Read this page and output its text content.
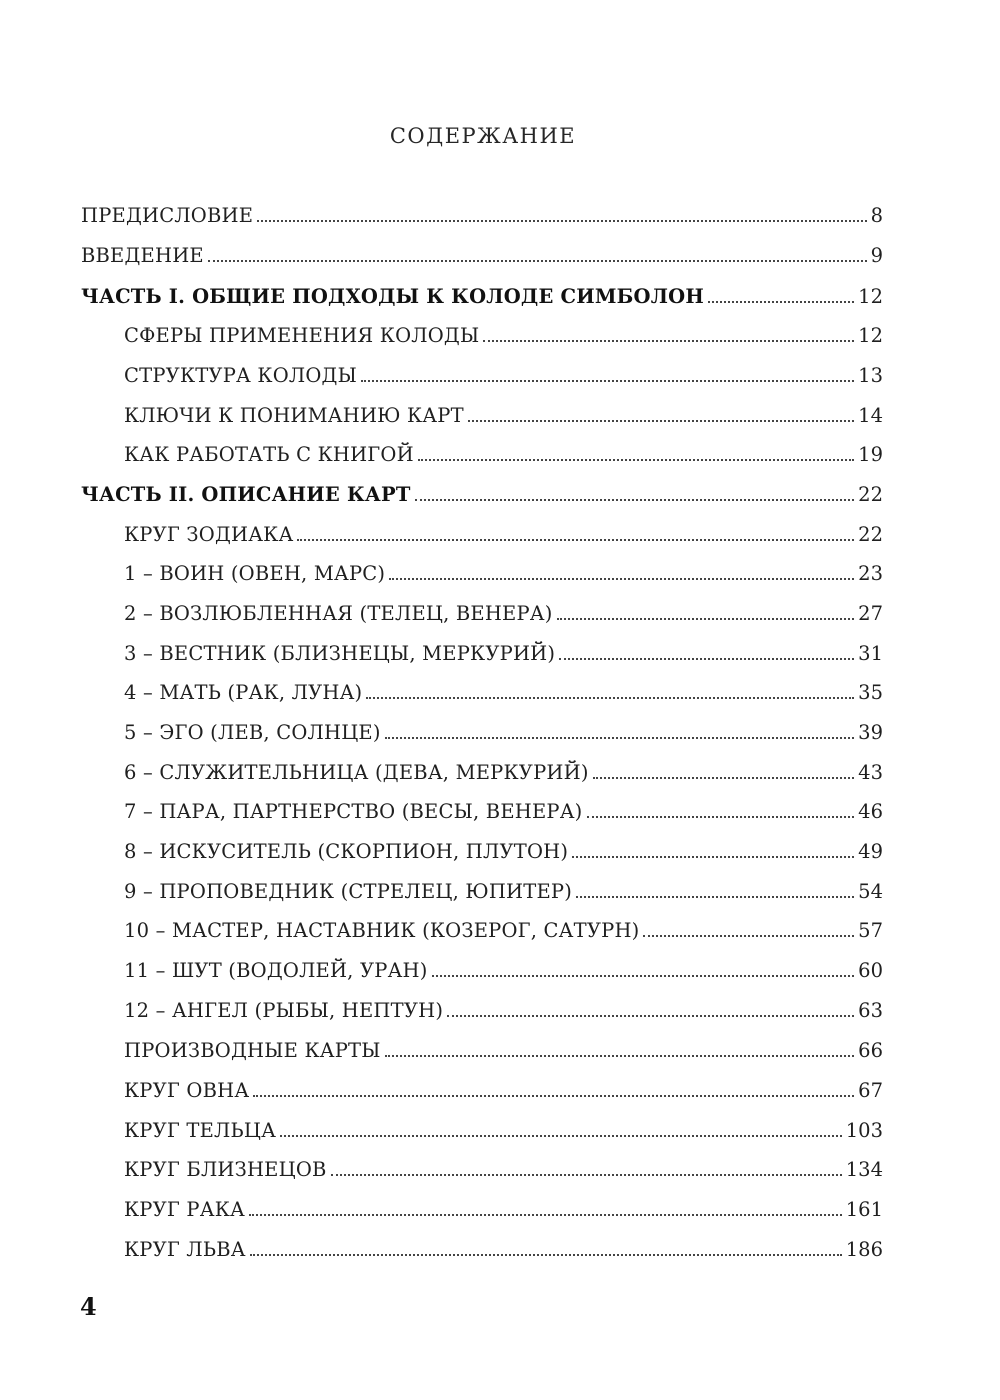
СОДЕРЖАНИЕ
ПРЕДИСЛОВИЕ	8
ВВЕДЕНИЕ	9
ЧАСТЬ I. ОБЩИЕ ПОДХОДЫ К КОЛОДЕ СИМБОЛОН	12
СФЕРЫ ПРИМЕНЕНИЯ КОЛОДЫ	12
СТРУКТУРА КОЛОДЫ	13
КЛЮЧИ К ПОНИМАНИЮ КАРТ	14
КАК РАБОТАТЬ С КНИГОЙ	19
ЧАСТЬ II. ОПИСАНИЕ КАРТ	22
КРУГ ЗОДИАКА	22
1 – ВОИН (ОВЕН, МАРС)	23
2 – ВОЗЛЮБЛЕННАЯ (ТЕЛЕЦ, ВЕНЕРА)	27
3 – ВЕСТНИК (БЛИЗНЕЦЫ, МЕРКУРИЙ)	31
4 – МАТЬ (РАК, ЛУНА)	35
5 – ЭГО (ЛЕВ, СОЛНЦЕ)	39
6 – СЛУЖИТЕЛЬНИЦА (ДЕВА, МЕРКУРИЙ)	43
7 – ПАРА, ПАРТНЕРСТВО (ВЕСЫ, ВЕНЕРА)	46
8 – ИСКУСИТЕЛЬ (СКОРПИОН, ПЛУТОН)	49
9 – ПРОПОВЕДНИК (СТРЕЛЕЦ, ЮПИТЕР)	54
10 – МАСТЕР, НАСТАВНИК (КОЗЕРОГ, САТУРН)	57
11 – ШУТ (ВОДОЛЕЙ, УРАН)	60
12 – АНГЕЛ (РЫБЫ, НЕПТУН)	63
ПРОИЗВОДНЫЕ КАРТЫ	66
КРУГ ОВНА	67
КРУГ ТЕЛЬЦА	103
КРУГ БЛИЗНЕЦОВ	134
КРУГ РАКА	161
КРУГ ЛЬВА	186
4
